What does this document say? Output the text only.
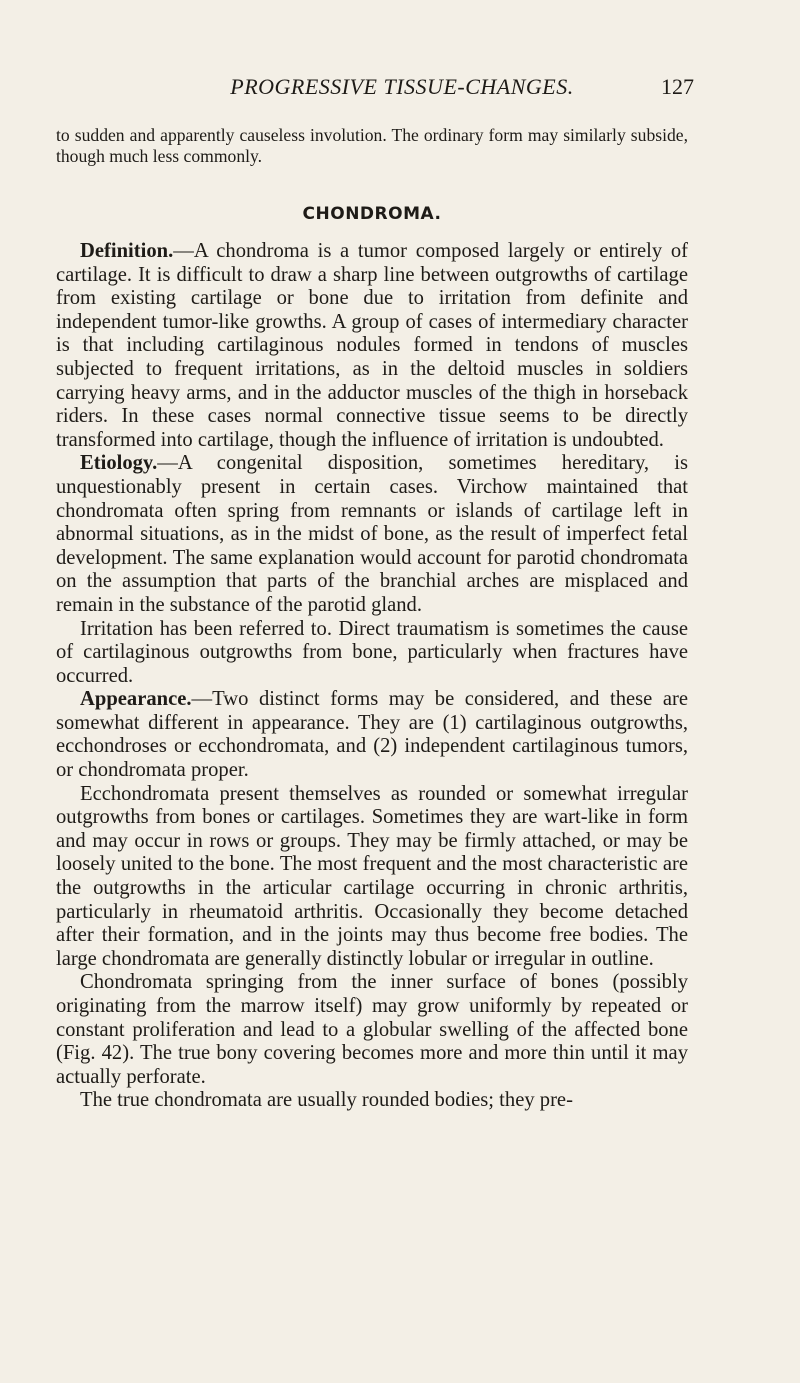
PROGRESSIVE TISSUE-CHANGES.	127

to sudden and apparently causeless involution. The ordinary form may similarly subside, though much less commonly.

CHONDROMA.

Definition.—A chondroma is a tumor composed largely or entirely of cartilage. It is difficult to draw a sharp line between outgrowths of cartilage from existing cartilage or bone due to irritation from definite and independent tumor-like growths. A group of cases of intermediary character is that including cartilaginous nodules formed in tendons of muscles subjected to frequent irritations, as in the deltoid muscles in soldiers carrying heavy arms, and in the adductor muscles of the thigh in horseback riders. In these cases normal connective tissue seems to be directly transformed into cartilage, though the influence of irritation is undoubted.

Etiology.—A congenital disposition, sometimes hereditary, is unquestionably present in certain cases. Virchow maintained that chondromata often spring from remnants or islands of cartilage left in abnormal situations, as in the midst of bone, as the result of imperfect fetal development. The same explanation would account for parotid chondromata on the assumption that parts of the branchial arches are misplaced and remain in the substance of the parotid gland.

Irritation has been referred to. Direct traumatism is sometimes the cause of cartilaginous outgrowths from bone, particularly when fractures have occurred.

Appearance.—Two distinct forms may be considered, and these are somewhat different in appearance. They are (1) cartilaginous outgrowths, ecchondroses or ecchondromata, and (2) independent cartilaginous tumors, or chondromata proper.

Ecchondromata present themselves as rounded or somewhat irregular outgrowths from bones or cartilages. Sometimes they are wart-like in form and may occur in rows or groups. They may be firmly attached, or may be loosely united to the bone. The most frequent and the most characteristic are the outgrowths in the articular cartilage occurring in chronic arthritis, particularly in rheumatoid arthritis. Occasionally they become detached after their formation, and in the joints may thus become free bodies. The large chondromata are generally distinctly lobular or irregular in outline.

Chondromata springing from the inner surface of bones (possibly originating from the marrow itself) may grow uniformly by repeated or constant proliferation and lead to a globular swelling of the affected bone (Fig. 42). The true bony covering becomes more and more thin until it may actually perforate.

The true chondromata are usually rounded bodies; they pre-
